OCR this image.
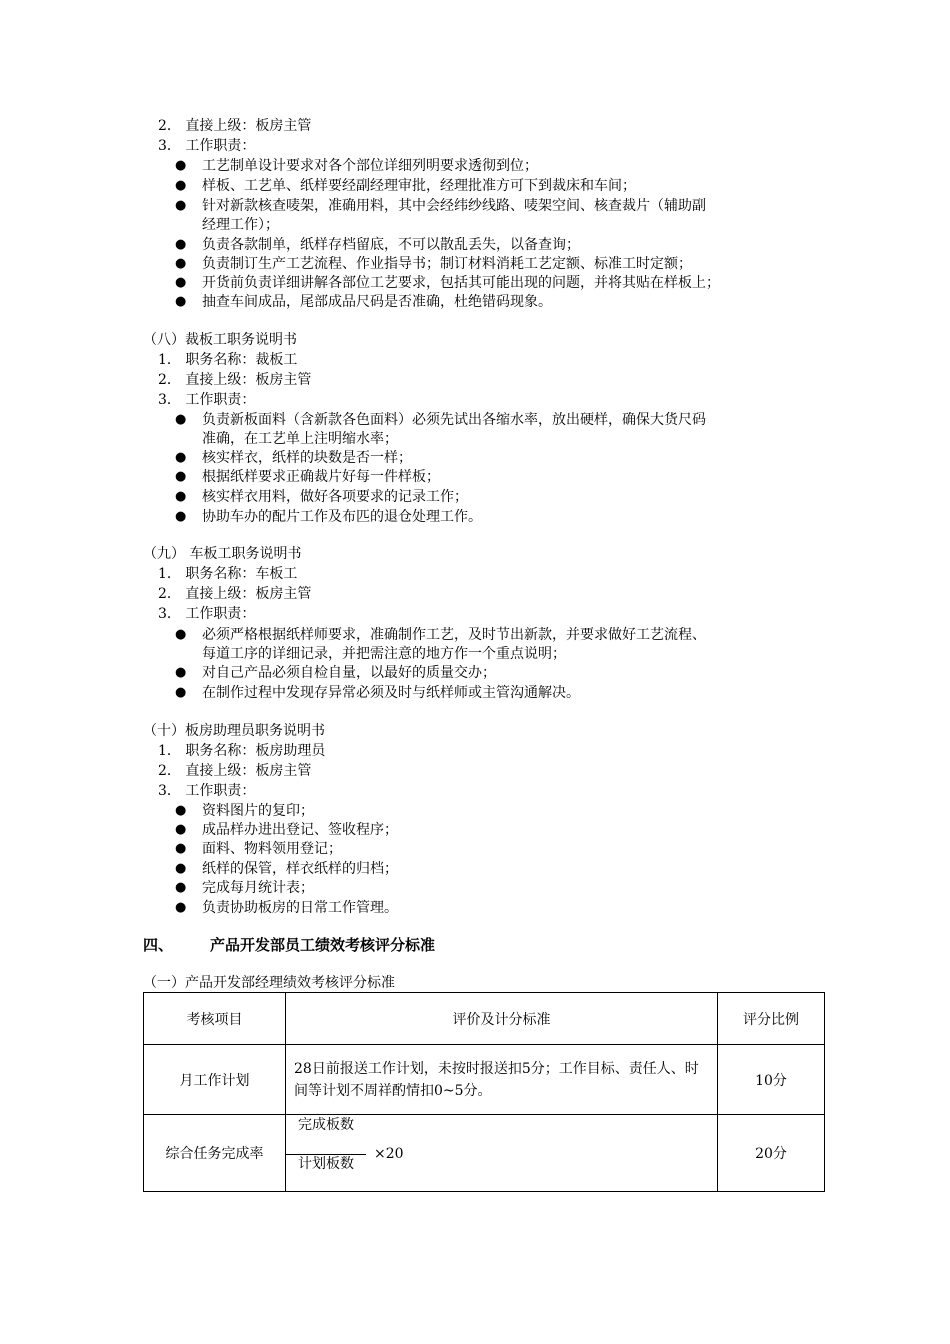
2． 直接上级：板房主管
3． 工作职责：
● 工艺制单设计要求对各个部位详细列明要求透彻到位；
● 样板、工艺单、纸样要经副经理审批，经理批准方可下到裁床和车间；
● 针对新款核查唛架，准确用料，其中会经纬纱线路、唛架空间、核查裁片（辅助副
经理工作）；
● 负责各款制单，纸样存档留底，不可以散乱丢失，以备查询；
● 负责制订生产工艺流程、作业指导书；制订材料消耗工艺定额、标准工时定额；
● 开货前负责详细讲解各部位工艺要求，包括其可能出现的问题，并将其贴在样板上；
● 抽查车间成品，尾部成品尺码是否准确，杜绝错码现象。
（八）裁板工职务说明书
1． 职务名称：裁板工
2． 直接上级：板房主管
3． 工作职责：
● 负责新板面料（含新款各色面料）必须先试出各缩水率，放出硬样，确保大货尺码
准确，在工艺单上注明缩水率；
● 核实样衣，纸样的块数是否一样；
● 根据纸样要求正确裁片好每一件样板；
● 核实样衣用料，做好各项要求的记录工作；
● 协助车办的配片工作及布匹的退仓处理工作。
（九） 车板工职务说明书
1． 职务名称：车板工
2． 直接上级：板房主管
3． 工作职责：
● 必须严格根据纸样师要求，准确制作工艺，及时节出新款，并要求做好工艺流程、
每道工序的详细记录，并把需注意的地方作一个重点说明；
● 对自己产品必须自检自量，以最好的质量交办；
● 在制作过程中发现存异常必须及时与纸样师或主管沟通解决。
（十）板房助理员职务说明书
1． 职务名称：板房助理员
2． 直接上级：板房主管
3． 工作职责：
● 资料图片的复印；
● 成品样办进出登记、签收程序；
● 面料、物料领用登记；
● 纸样的保管，样衣纸样的归档；
● 完成每月统计表；
● 负责协助板房的日常工作管理。
四、 产品开发部员工绩效考核评分标准
（一）产品开发部经理绩效考核评分标准
考核项目	评价及计分标准	评分比例
月工作计划	28日前报送工作计划，未按时报送扣5分；工作目标、责任人、时间等计划不周祥酌情扣0~5分。	10分
综合任务完成率	完成板数
计划板数
×20	20分
